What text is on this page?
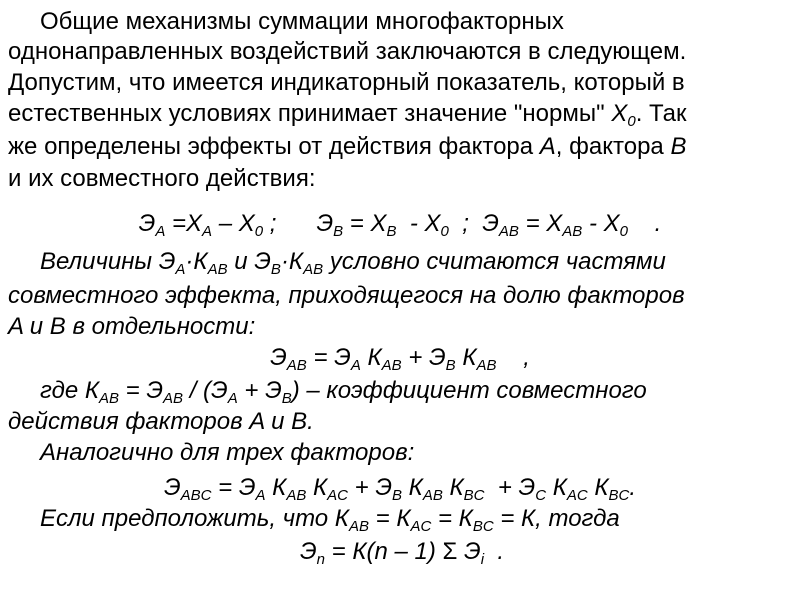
Общие механизмы суммации многофакторных

однонаправленных воздействий заключаются в следующем.

Допустим, что имеется индикаторный показатель, который в

естественных условиях принимает значение "нормы" $X_0$. Так

же определены эффекты от действия фактора A, фактора B

и их совместного действия:

$Э_A =X_A - X_0$ ; $Э_B = X_B - X_0$  ; $Э_{AB} = X_{AB} - X_0$    .

Величины $Э_A\cdot К_{AB}$ и $Э_B\cdot К_{AB}$ условно считаются частями

совместного эффекта, приходящегося на долю факторов

A и B в отдельности:

$Э_{AB} = Э_A$ $К_{AB} + Э_B$ $К_{AB}$    ,

где $К_{AB} = Э_{AB} / (Э_A + Э_B)$ – коэффициент совместного

действия факторов A и B.

Аналогично для трех факторов:

$Э_{ABC} = Э_A$ $К_{AB}$ $К_{AC} + Э_B$ $К_{AB}$ $К_{BC} + Э_C$ $К_{AC}$ $К_{BC}$.

Если предположить, что $К_{AB} = К_{AC} = К_{BC} = К$, тогда

$Э_n = К(n - 1)$ Σ $Э_i$  .
